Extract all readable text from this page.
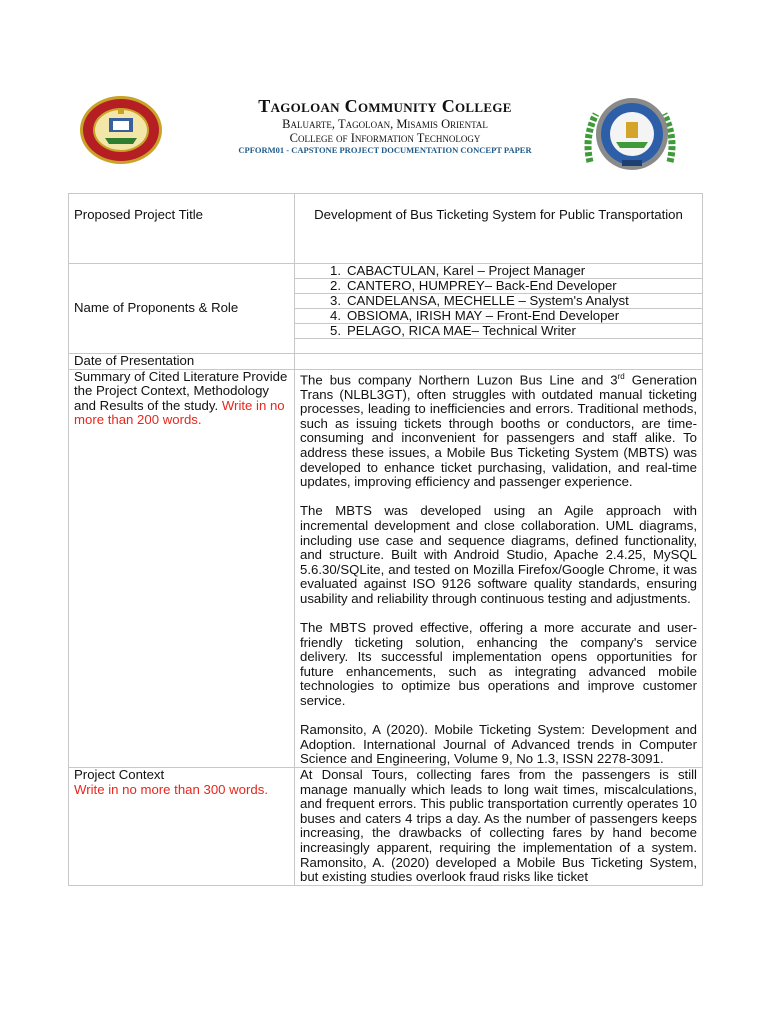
Tagoloan Community College
Baluarte, Tagoloan, Misamis Oriental
College of Information Technology
CPFORM01 - CAPSTONE PROJECT DOCUMENTATION CONCEPT PAPER
Proposed Project Title	Development of Bus Ticketing System for Public Transportation
Name of Proponents & Role	1. CABACTULAN, Karel – Project Manager
2. CANTERO, HUMPREY– Back-End Developer
3. CANDELANSA, MECHELLE – System's Analyst
4. OBSIOMA, IRISH MAY – Front-End Developer
5. PELAGO, RICA MAE– Technical Writer

Date of Presentation	
Summary of Cited Literature Provide the Project Context, Methodology and Results of the study. Write in no more than 200 words.	The bus company Northern Luzon Bus Line and 3rd Generation Trans (NLBL3GT), often struggles with outdated manual ticketing processes, leading to inefficiencies and errors. Traditional methods, such as issuing tickets through booths or conductors, are time-consuming and inconvenient for passengers and staff alike. To address these issues, a Mobile Bus Ticketing System (MBTS) was developed to enhance ticket purchasing, validation, and real-time updates, improving efficiency and passenger experience.

The MBTS was developed using an Agile approach with incremental development and close collaboration. UML diagrams, including use case and sequence diagrams, defined functionality, and structure. Built with Android Studio, Apache 2.4.25, MySQL 5.6.30/SQLite, and tested on Mozilla Firefox/Google Chrome, it was evaluated against ISO 9126 software quality standards, ensuring usability and reliability through continuous testing and adjustments.

The MBTS proved effective, offering a more accurate and user-friendly ticketing solution, enhancing the company's service delivery. Its successful implementation opens opportunities for future enhancements, such as integrating advanced mobile technologies to optimize bus operations and improve customer service.

Ramonsito, A (2020). Mobile Ticketing System: Development and Adoption. International Journal of Advanced trends in Computer Science and Engineering, Volume 9, No 1.3, ISSN 2278-3091.

Project Context
Write in no more than 300 words.	At Donsal Tours, collecting fares from the passengers is still manage manually which leads to long wait times, miscalculations, and frequent errors. This public transportation currently operates 10 buses and caters 4 trips a day. As the number of passengers keeps increasing, the drawbacks of collecting fares by hand become increasingly apparent, requiring the implementation of a system. Ramonsito, A. (2020) developed a Mobile Bus Ticketing System, but existing studies overlook fraud risks like ticket
